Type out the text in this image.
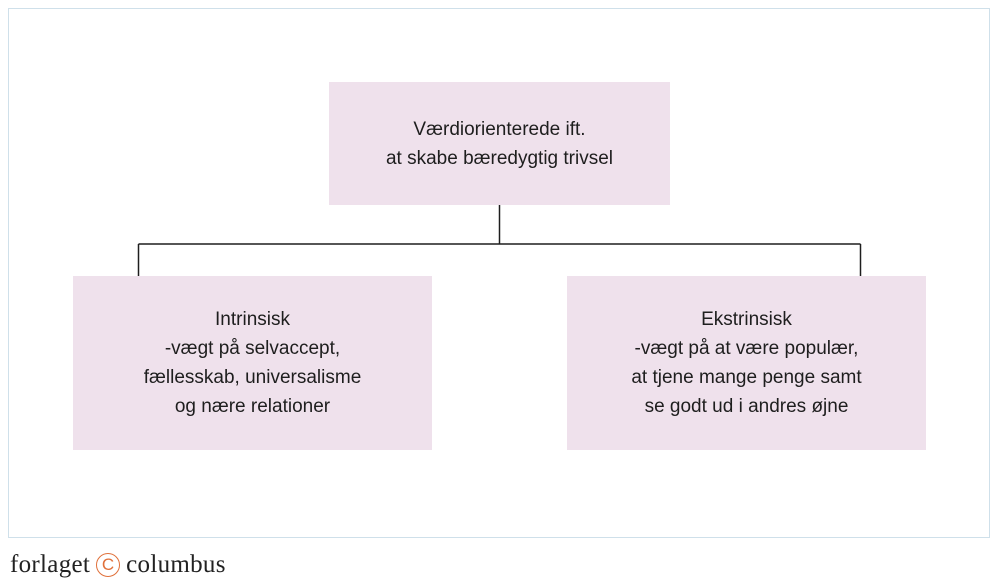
Værdiorienterede ift.
at skabe bæredygtig trivsel
Intrinsisk
-vægt på selvaccept,
fællesskab, universalisme
og nære relationer
Ekstrinsisk
-vægt på at være populær,
at tjene mange penge samt
se godt ud i andres øjne
forlaget C columbus
